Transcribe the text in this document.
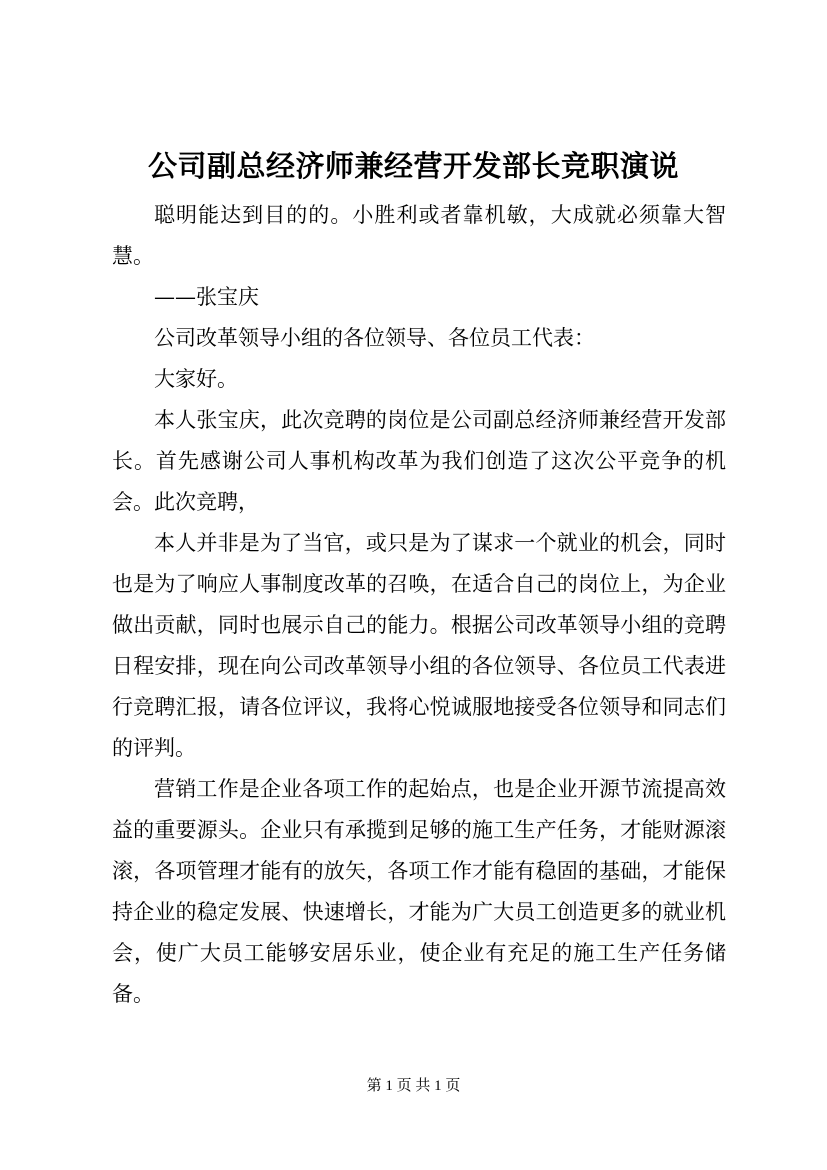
公司副总经济师兼经营开发部长竞职演说

聪明能达到目的的。小胜利或者靠机敏，大成就必须靠大智慧。

——张宝庆

公司改革领导小组的各位领导、各位员工代表：

大家好。

本人张宝庆，此次竞聘的岗位是公司副总经济师兼经营开发部长。首先感谢公司人事机构改革为我们创造了这次公平竞争的机会。此次竞聘，

本人并非是为了当官，或只是为了谋求一个就业的机会，同时也是为了响应人事制度改革的召唤，在适合自己的岗位上，为企业做出贡献，同时也展示自己的能力。根据公司改革领导小组的竞聘日程安排，现在向公司改革领导小组的各位领导、各位员工代表进行竞聘汇报，请各位评议，我将心悦诚服地接受各位领导和同志们的评判。

营销工作是企业各项工作的起始点，也是企业开源节流提高效益的重要源头。企业只有承揽到足够的施工生产任务，才能财源滚滚，各项管理才能有的放矢，各项工作才能有稳固的基础，才能保持企业的稳定发展、快速增长，才能为广大员工创造更多的就业机会，使广大员工能够安居乐业，使企业有充足的施工生产任务储备。

第 1 页 共 1 页
